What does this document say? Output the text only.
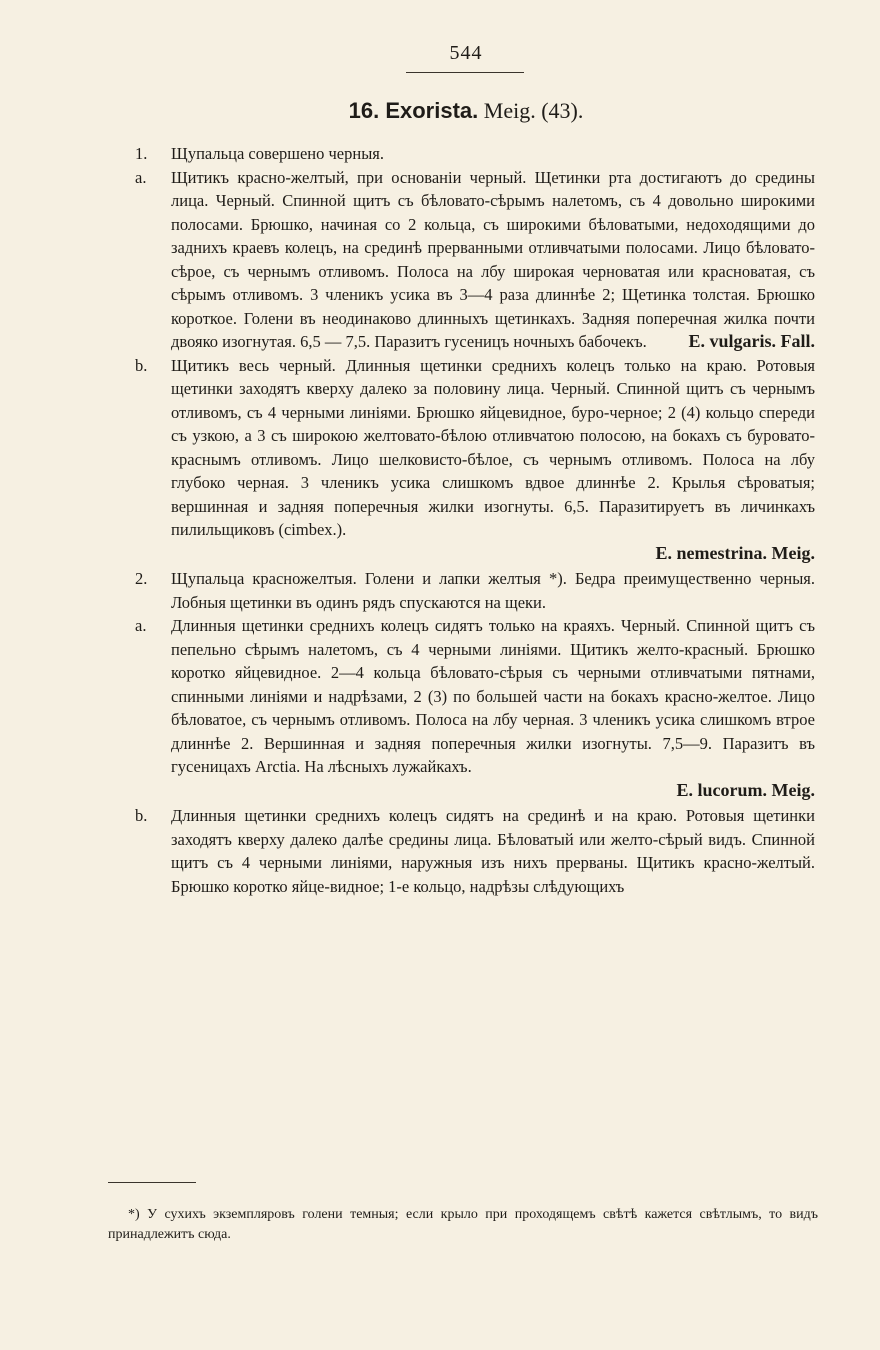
544
16. Exorista. Meig. (43).
1. Щупальца совершено черныя.
a. Щитикъ красно-желтый, при основанiи черный. Щетинки рта достигаютъ до средины лица. Черный. Спинной щитъ съ бѣловато-сѣрымъ налетомъ, съ 4 довольно широкими полосами. Брюшко, начиная со 2 кольца, съ широкими бѣловатыми, недоходящими до заднихъ краевъ колецъ, на срединѣ прерванными отливчатыми полосами. Лицо бѣловато-сѣрое, съ чернымъ отливомъ. Полоса на лбу широкая черноватая или красноватая, съ сѣрымъ отливомъ. 3 членикъ усика въ 3—4 раза длиннѣе 2; Щетинка толстая. Брюшко короткое. Голени въ неодинаково длинныхъ щетинкахъ. Задняя поперечная жилка почти двояко изогнутая. 6,5 — 7,5. Паразитъ гусеницъ ночныхъ бабочекъ. E. vulgaris. Fall.
b. Щитикъ весь черный. Длинныя щетинки среднихъ колецъ только на краю. Ротовыя щетинки заходятъ кверху далеко за половину лица. Черный. Спинной щитъ съ чернымъ отливомъ, съ 4 черными линiями. Брюшко яйцевидное, буро-черное; 2 (4) кольцо спереди съ узкою, а 3 съ широкою желтовато-бѣлою отливчатою полосою, на бокахъ съ буровато-краснымъ отливомъ. Лицо шелковисто-бѣлое, съ чернымъ отливомъ. Полоса на лбу глубоко черная. 3 членикъ усика слишкомъ вдвое длиннѣе 2. Крылья сѣроватыя; вершинная и задняя поперечныя жилки изогнуты. 6,5. Паразитируетъ въ личинкахъ пилильщиковъ (cimbex.).

E. nemestrina. Meig.

2. Щупальца красножелтыя. Голени и лапки желтыя *). Бедра преимущественно черныя. Лобныя щетинки въ одинъ рядъ спускаются на щеки.
a. Длинныя щетинки среднихъ колецъ сидятъ только на краяхъ. Черный. Спинной щитъ съ пепельно сѣрымъ налетомъ, съ 4 черными линiями. Щитикъ желто-красный. Брюшко коротко яйцевидное. 2—4 кольца бѣловато-сѣрыя съ черными отливчатыми пятнами, спинными линiями и надрѣзами, 2 (3) по большей части на бокахъ красно-желтое. Лицо бѣловатое, съ чернымъ отливомъ. Полоса на лбу черная. 3 членикъ усика слишкомъ втрое длиннѣе 2. Вершинная и задняя поперечныя жилки изогнуты. 7,5—9. Паразитъ въ гусеницахъ Arctia. На лѣсныхъ лужайкахъ.

E. lucorum. Meig.

b. Длинныя щетинки среднихъ колецъ сидятъ на срединѣ и на краю. Ротовыя щетинки заходятъ кверху далеко далѣе средины лица. Бѣловатый или желто-сѣрый видъ. Спинной щитъ съ 4 черными линiями, наружныя изъ нихъ прерваны. Щитикъ красно-желтый. Брюшко коротко яйце-видное; 1-е кольцо, надрѣзы слѣдующихъ
*) У сухихъ экземпляровъ голени темныя; если крыло при проходящемъ свѣтѣ кажется свѣтлымъ, то видъ принадлежитъ сюда.
